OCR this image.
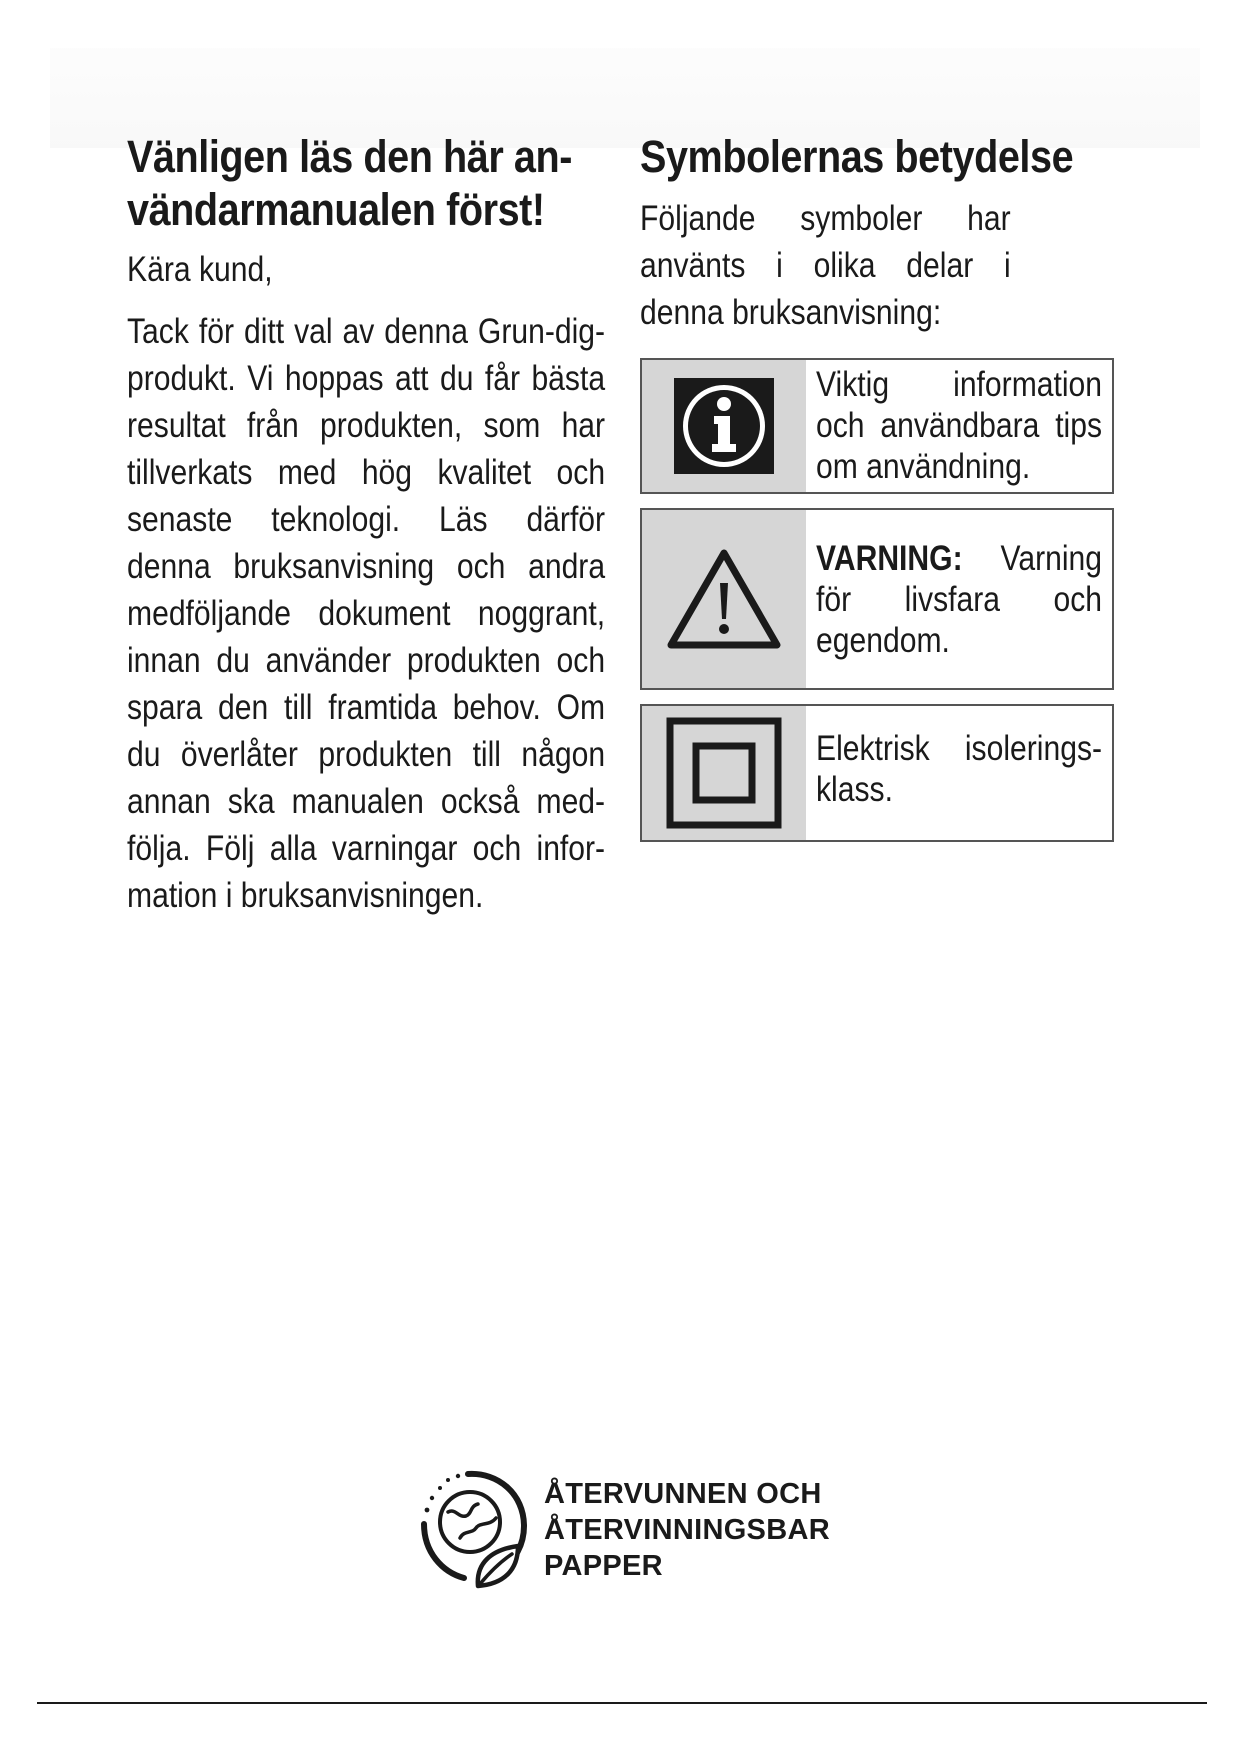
Vänligen läs den här an-
vändarmanualen först!

Kära kund,

Tack för ditt val av denna Grun-dig-produkt. Vi hoppas att du får bästa resultat från produkten, som har tillverkats med hög kvalitet och senaste teknologi. Läs därför denna bruksanvisning och andra medföljande dokument noggrant, innan du använder produkten och spara den till framtida behov. Om du överlåter produkten till någon annan ska manualen också med-följa. Följ alla varningar och infor-mation i bruksanvisningen.

Symbolernas betydelse

Följande symboler har använts i olika delar i denna bruksanvisning:

Viktig information och användbara tips om användning.
VARNING: Varning för livsfara och egendom.
Elektrisk isolerings-klass.
ÅTERVUNNEN OCH
ÅTERVINNINGSBAR
PAPPER
